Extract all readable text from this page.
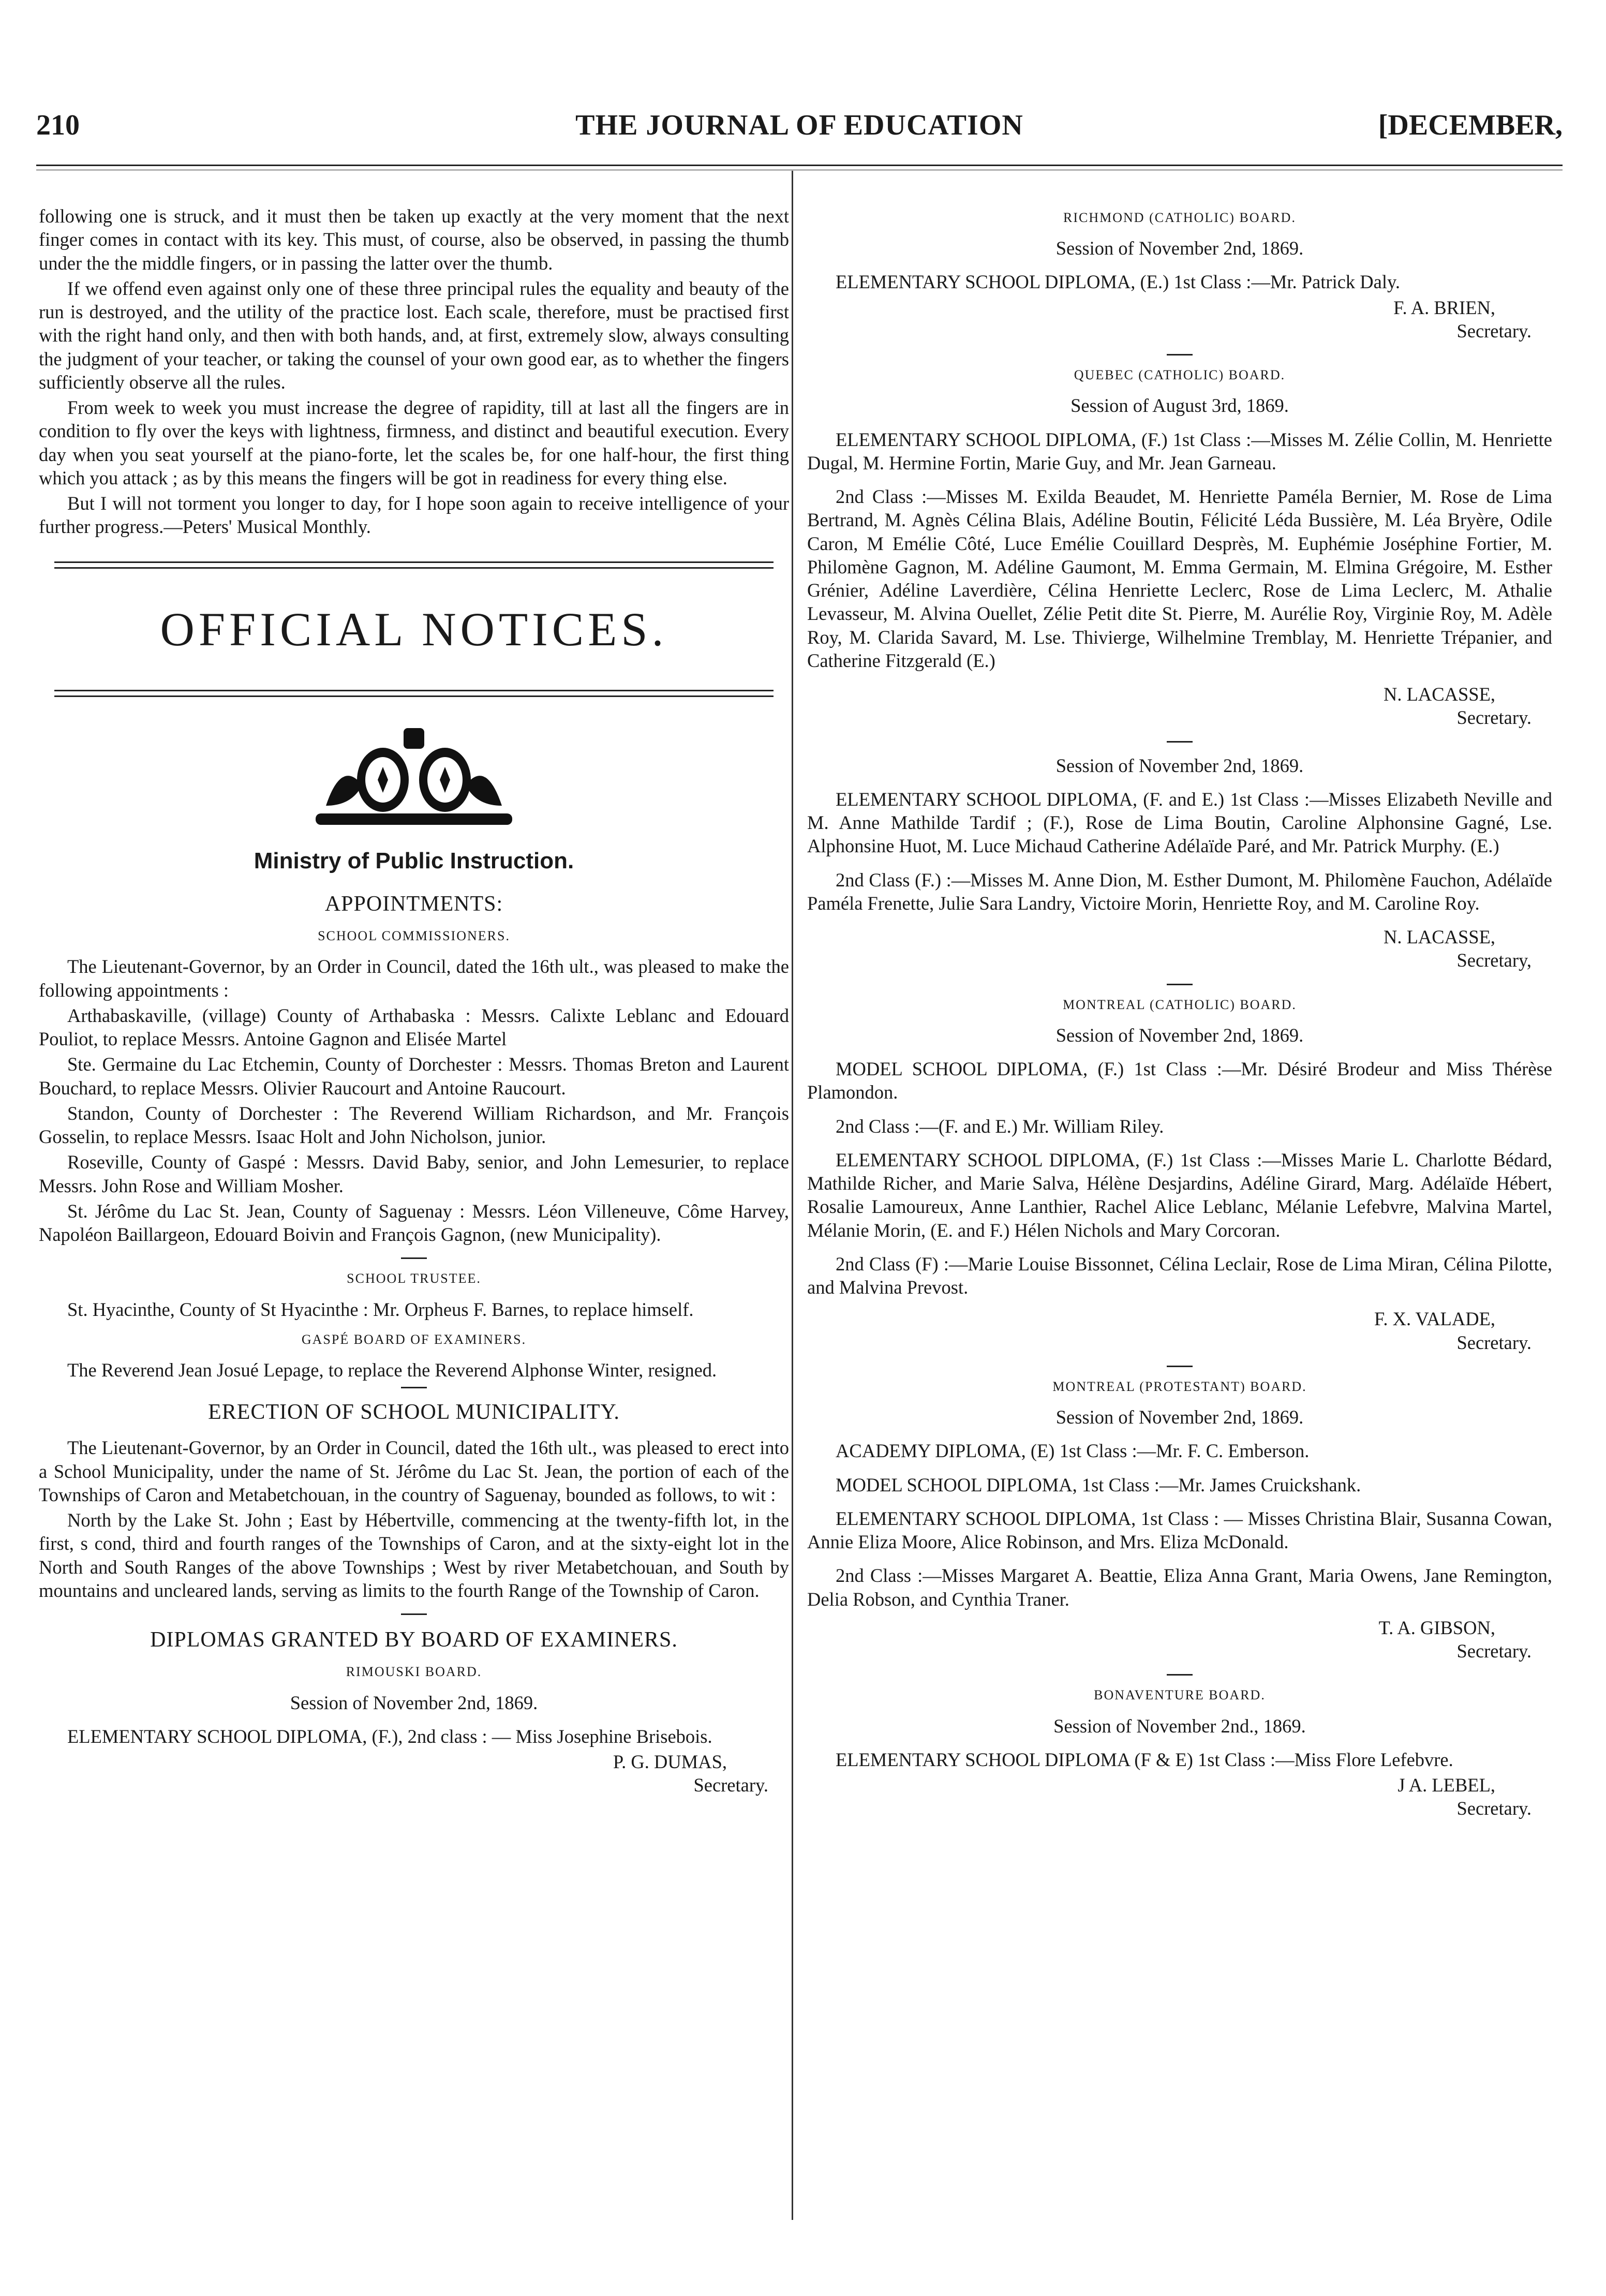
210	THE JOURNAL OF EDUCATION	[DECEMBER,

following one is struck, and it must then be taken up exactly at the very moment that the next finger comes in contact with its key. This must, of course, also be observed, in passing the thumb under the the middle fingers, or in passing the latter over the thumb.

If we offend even against only one of these three principal rules the equality and beauty of the run is destroyed, and the utility of the practice lost. Each scale, therefore, must be practised first with the right hand only, and then with both hands, and, at first, extremely slow, always consulting the judgment of your teacher, or taking the counsel of your own good ear, as to whether the fingers sufficiently observe all the rules.

From week to week you must increase the degree of rapidity, till at last all the fingers are in condition to fly over the keys with lightness, firmness, and distinct and beautiful execution. Every day when you seat yourself at the piano-forte, let the scales be, for one half-hour, the first thing which you attack ; as by this means the fingers will be got in readiness for every thing else.

But I will not torment you longer to day, for I hope soon again to receive intelligence of your further progress.—Peters' Musical Monthly.

OFFICIAL NOTICES.
Ministry of Public Instruction.
APPOINTMENTS:
SCHOOL COMMISSIONERS.

The Lieutenant-Governor, by an Order in Council, dated the 16th ult., was pleased to make the following appointments :

Arthabaskaville, (village) County of Arthabaska : Messrs. Calixte Leblanc and Edouard Pouliot, to replace Messrs. Antoine Gagnon and Elisée Martel

Ste. Germaine du Lac Etchemin, County of Dorchester : Messrs. Thomas Breton and Laurent Bouchard, to replace Messrs. Olivier Raucourt and Antoine Raucourt.

Standon, County of Dorchester : The Reverend William Richardson, and Mr. François Gosselin, to replace Messrs. Isaac Holt and John Nicholson, junior.

Roseville, County of Gaspé : Messrs. David Baby, senior, and John Lemesurier, to replace Messrs. John Rose and William Mosher.

St. Jérôme du Lac St. Jean, County of Saguenay : Messrs. Léon Villeneuve, Côme Harvey, Napoléon Baillargeon, Edouard Boivin and François Gagnon, (new Municipality).

SCHOOL TRUSTEE.

St. Hyacinthe, County of St Hyacinthe : Mr. Orpheus F. Barnes, to replace himself.

GASPÉ BOARD OF EXAMINERS.

The Reverend Jean Josué Lepage, to replace the Reverend Alphonse Winter, resigned.

ERECTION OF SCHOOL MUNICIPALITY.

The Lieutenant-Governor, by an Order in Council, dated the 16th ult., was pleased to erect into a School Municipality, under the name of St. Jérôme du Lac St. Jean, the portion of each of the Townships of Caron and Metabetchouan, in the country of Saguenay, bounded as follows, to wit :

North by the Lake St. John ; East by Hébertville, commencing at the twenty-fifth lot, in the first, s cond, third and fourth ranges of the Townships of Caron, and at the sixty-eight lot in the North and South Ranges of the above Townships ; West by river Metabetchouan, and South by mountains and uncleared lands, serving as limits to the fourth Range of the Township of Caron.

DIPLOMAS GRANTED BY BOARD OF EXAMINERS.
RIMOUSKI BOARD.
Session of November 2nd, 1869.

ELEMENTARY SCHOOL DIPLOMA, (F.), 2nd class : — Miss Josephine Brisebois.

P. G. DUMAS,

Secretary.

RICHMOND (CATHOLIC) BOARD.
Session of November 2nd, 1869.

ELEMENTARY SCHOOL DIPLOMA, (E.) 1st Class :—Mr. Patrick Daly.

F. A. BRIEN,

Secretary.

QUEBEC (CATHOLIC) BOARD.
Session of August 3rd, 1869.

ELEMENTARY SCHOOL DIPLOMA, (F.) 1st Class :—Misses M. Zélie Collin, M. Henriette Dugal, M. Hermine Fortin, Marie Guy, and Mr. Jean Garneau.

2nd Class :—Misses M. Exilda Beaudet, M. Henriette Paméla Bernier, M. Rose de Lima Bertrand, M. Agnès Célina Blais, Adéline Boutin, Félicité Léda Bussière, M. Léa Bryère, Odile Caron, M Emélie Côté, Luce Emélie Couillard Desprès, M. Euphémie Joséphine Fortier, M. Philomène Gagnon, M. Adéline Gaumont, M. Emma Germain, M. Elmina Grégoire, M. Esther Grénier, Adéline Laverdière, Célina Henriette Leclerc, Rose de Lima Leclerc, M. Athalie Levasseur, M. Alvina Ouellet, Zélie Petit dite St. Pierre, M. Aurélie Roy, Virginie Roy, M. Adèle Roy, M. Clarida Savard, M. Lse. Thivierge, Wilhelmine Tremblay, M. Henriette Trépanier, and Catherine Fitzgerald (E.)

N. LACASSE,

Secretary.

Session of November 2nd, 1869.

ELEMENTARY SCHOOL DIPLOMA, (F. and E.) 1st Class :—Misses Elizabeth Neville and M. Anne Mathilde Tardif ; (F.), Rose de Lima Boutin, Caroline Alphonsine Gagné, Lse. Alphonsine Huot, M. Luce Michaud Catherine Adélaïde Paré, and Mr. Patrick Murphy. (E.)

2nd Class (F.) :—Misses M. Anne Dion, M. Esther Dumont, M. Philomène Fauchon, Adélaïde Paméla Frenette, Julie Sara Landry, Victoire Morin, Henriette Roy, and M. Caroline Roy.

N. LACASSE,

Secretary,

MONTREAL (CATHOLIC) BOARD.
Session of November 2nd, 1869.

MODEL SCHOOL DIPLOMA, (F.) 1st Class :—Mr. Désiré Brodeur and Miss Thérèse Plamondon.

2nd Class :—(F. and E.) Mr. William Riley.

ELEMENTARY SCHOOL DIPLOMA, (F.) 1st Class :—Misses Marie L. Charlotte Bédard, Mathilde Richer, and Marie Salva, Hélène Desjardins, Adéline Girard, Marg. Adélaïde Hébert, Rosalie Lamoureux, Anne Lanthier, Rachel Alice Leblanc, Mélanie Lefebvre, Malvina Martel, Mélanie Morin, (E. and F.) Hélen Nichols and Mary Corcoran.

2nd Class (F) :—Marie Louise Bissonnet, Célina Leclair, Rose de Lima Miran, Célina Pilotte, and Malvina Prevost.

F. X. VALADE,

Secretary.

MONTREAL (PROTESTANT) BOARD.
Session of November 2nd, 1869.

ACADEMY DIPLOMA, (E) 1st Class :—Mr. F. C. Emberson.

MODEL SCHOOL DIPLOMA, 1st Class :—Mr. James Cruickshank.

ELEMENTARY SCHOOL DIPLOMA, 1st Class : — Misses Christina Blair, Susanna Cowan, Annie Eliza Moore, Alice Robinson, and Mrs. Eliza McDonald.

2nd Class :—Misses Margaret A. Beattie, Eliza Anna Grant, Maria Owens, Jane Remington, Delia Robson, and Cynthia Traner.

T. A. GIBSON,

Secretary.

BONAVENTURE BOARD.
Session of November 2nd., 1869.

ELEMENTARY SCHOOL DIPLOMA (F & E) 1st Class :—Miss Flore Lefebvre.

J A. LEBEL,

Secretary.
